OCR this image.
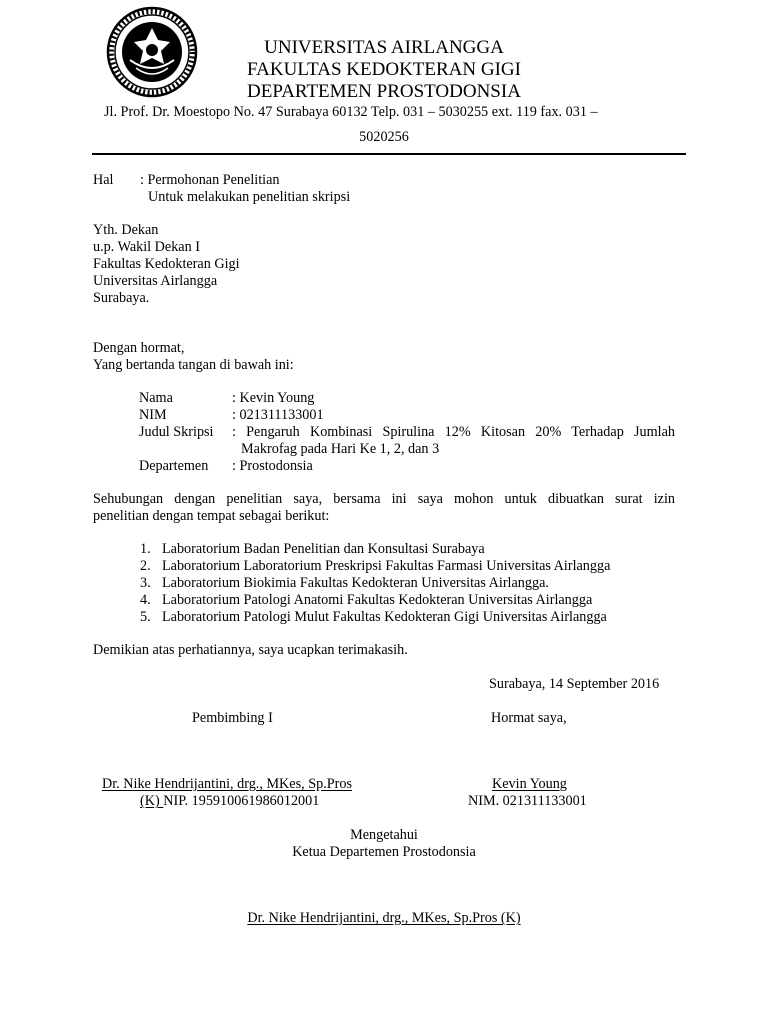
UNIVERSITAS AIRLANGGA
FAKULTAS KEDOKTERAN GIGI
DEPARTEMEN PROSTODONSIA
Jl. Prof. Dr. Moestopo No. 47 Surabaya 60132 Telp. 031 – 5030255 ext. 119 fax. 031 –
5020256
Hal : Permohonan Penelitian
Untuk melakukan penelitian skripsi
Yth. Dekan
u.p. Wakil Dekan I
Fakultas Kedokteran Gigi
Universitas Airlangga
Surabaya.
Dengan hormat,
Yang bertanda tangan di bawah ini:
Nama	: Kevin Young
NIM	: 021311133001
Judul Skripsi : Pengaruh Kombinasi Spirulina 12% Kitosan 20% Terhadap Jumlah
Makrofag pada Hari Ke 1, 2, dan 3
Departemen : Prostodonsia
Sehubungan dengan penelitian saya, bersama ini saya mohon untuk dibuatkan surat izin
penelitian dengan tempat sebagai berikut:
1. Laboratorium Badan Penelitian dan Konsultasi Surabaya
2. Laboratorium Laboratorium Preskripsi Fakultas Farmasi Universitas Airlangga
3. Laboratorium Biokimia Fakultas Kedokteran Universitas Airlangga.
4. Laboratorium Patologi Anatomi Fakultas Kedokteran Universitas Airlangga
5. Laboratorium Patologi Mulut Fakultas Kedokteran Gigi Universitas Airlangga
Demikian atas perhatiannya, saya ucapkan terimakasih.
Surabaya, 14 September 2016
Pembimbing I	Hormat saya,
Dr. Nike Hendrijantini, drg., MKes, Sp.Pros
(K) NIP. 195910061986012001
Kevin Young
NIM. 021311133001
Mengetahui
Ketua Departemen Prostodonsia
Dr. Nike Hendrijantini, drg., MKes, Sp.Pros (K)
